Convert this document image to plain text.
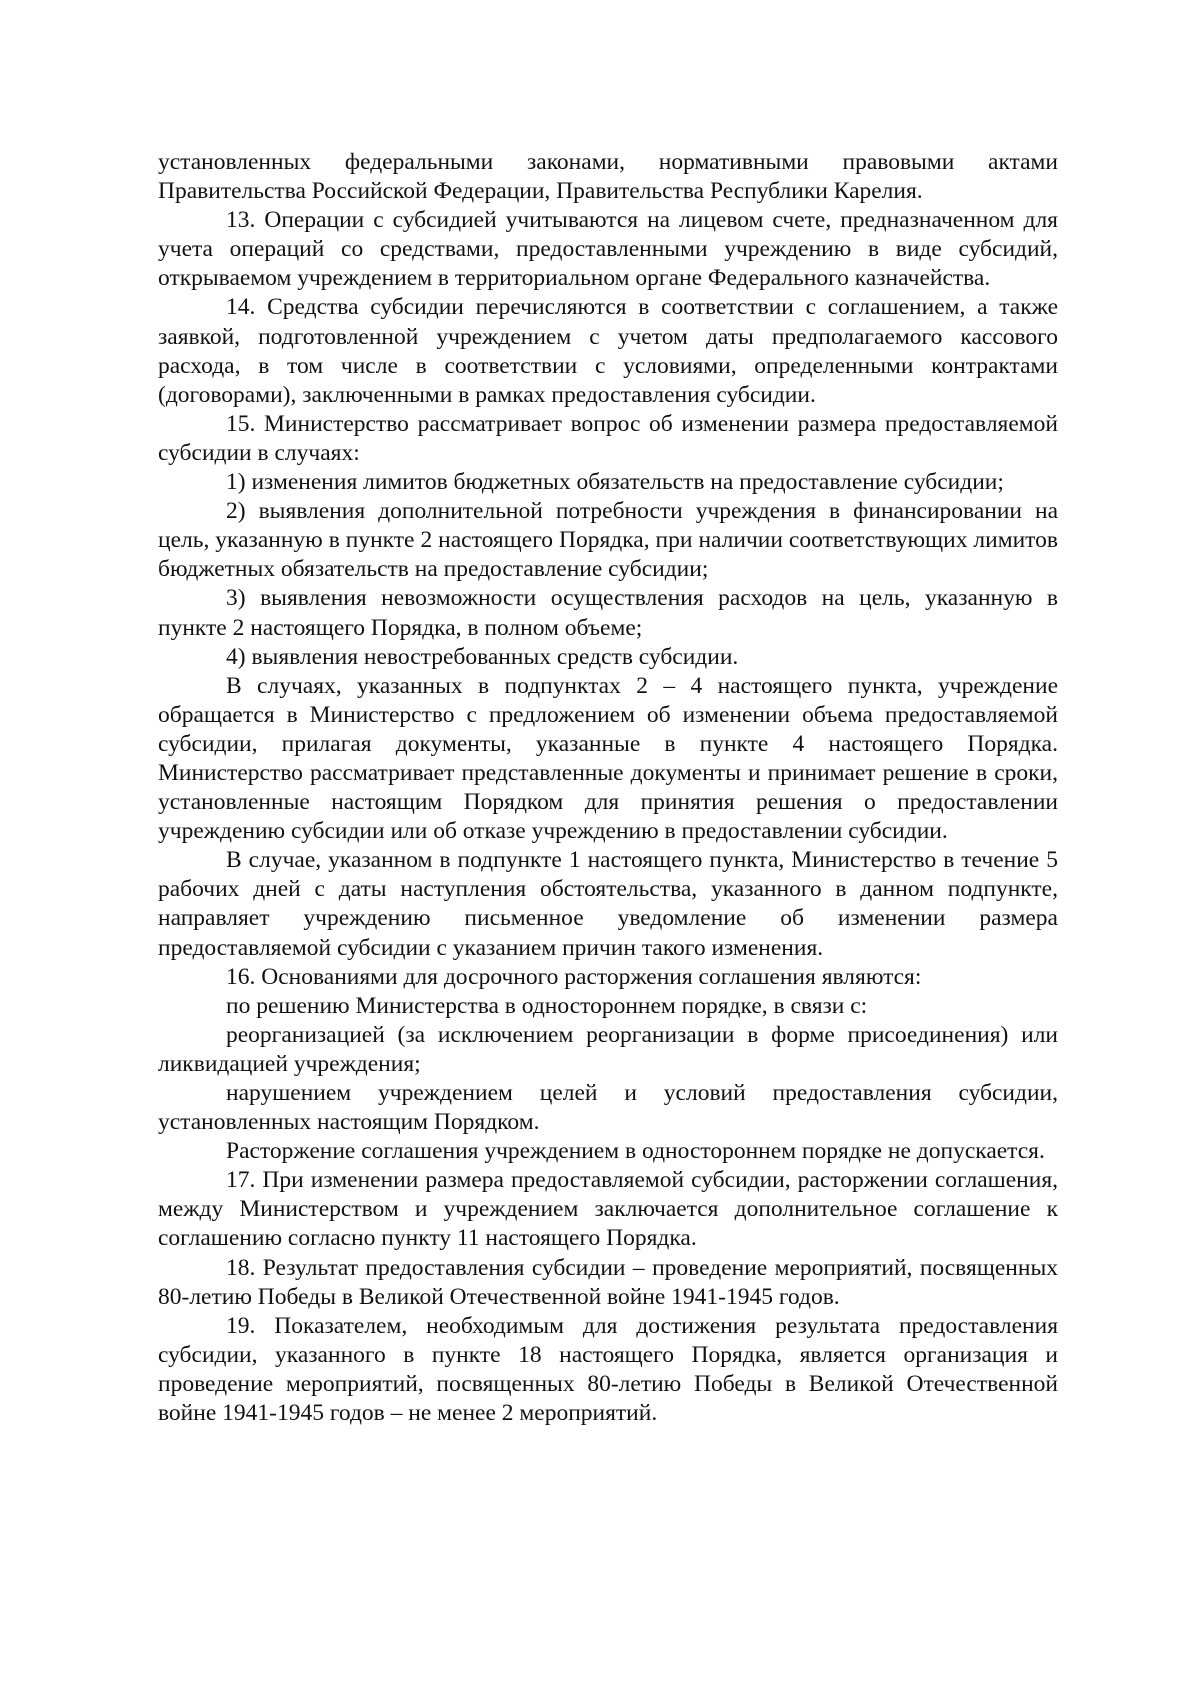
установленных федеральными законами, нормативными правовыми актами Правительства Российской Федерации, Правительства Республики Карелия.

13. Операции с субсидией учитываются на лицевом счете, предназначенном для учета операций со средствами, предоставленными учреждению в виде субсидий, открываемом учреждением в территориальном органе Федерального казначейства.

14. Средства субсидии перечисляются в соответствии с соглашением, а также заявкой, подготовленной учреждением с учетом даты предполагаемого кассового расхода, в том числе в соответствии с условиями, определенными контрактами (договорами), заключенными в рамках предоставления субсидии.

15. Министерство рассматривает вопрос об изменении размера предоставляемой субсидии в случаях:

1) изменения лимитов бюджетных обязательств на предоставление субсидии;

2) выявления дополнительной потребности учреждения в финансировании на цель, указанную в пункте 2 настоящего Порядка, при наличии соответствующих лимитов бюджетных обязательств на предоставление субсидии;

3) выявления невозможности осуществления расходов на цель, указанную в пункте 2 настоящего Порядка, в полном объеме;

4) выявления невостребованных средств субсидии.

В случаях, указанных в подпунктах 2 – 4 настоящего пункта, учреждение обращается в Министерство с предложением об изменении объема предоставляемой субсидии, прилагая документы, указанные в пункте 4 настоящего Порядка. Министерство рассматривает представленные документы и принимает решение в сроки, установленные настоящим Порядком для принятия решения о предоставлении учреждению субсидии или об отказе учреждению в предоставлении субсидии.

В случае, указанном в подпункте 1 настоящего пункта, Министерство в течение 5 рабочих дней с даты наступления обстоятельства, указанного в данном подпункте, направляет учреждению письменное уведомление об изменении размера предоставляемой субсидии с указанием причин такого изменения.

16. Основаниями для досрочного расторжения соглашения являются:

по решению Министерства в одностороннем порядке, в связи с:

реорганизацией (за исключением реорганизации в форме присоединения) или ликвидацией учреждения;

нарушением учреждением целей и условий предоставления субсидии, установленных настоящим Порядком.

Расторжение соглашения учреждением в одностороннем порядке не допускается.

17. При изменении размера предоставляемой субсидии, расторжении соглашения, между Министерством и учреждением заключается дополнительное соглашение к соглашению согласно пункту 11 настоящего Порядка.

18. Результат предоставления субсидии – проведение мероприятий, посвященных 80-летию Победы в Великой Отечественной войне 1941-1945 годов.

19. Показателем, необходимым для достижения результата предоставления субсидии, указанного в пункте 18 настоящего Порядка, является организация и проведение мероприятий, посвященных 80-летию Победы в Великой Отечественной войне 1941-1945 годов – не менее 2 мероприятий.
